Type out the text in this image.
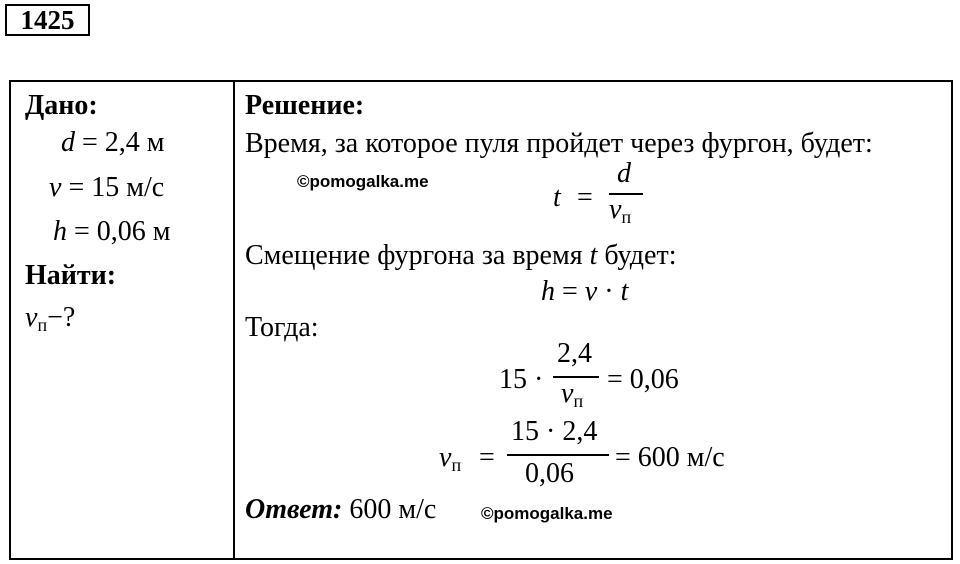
1425
Дано:
d = 2,4 м
v = 15 м/с
h = 0,06 м
Найти:
$v_п-$?
Решение:
Время, за которое пуля пройдет через фургон, будет:
©pomogalka.me
t =
d
$v_п$
Смещение фургона за время t будет:
h = v · t
Тогда:
15 ·
2,4
$v_п$
= 0,06
$v_п$ =
15 · 2,4
0,06
= 600 м/с
Ответ: 600 м/с	©pomogalka.me
